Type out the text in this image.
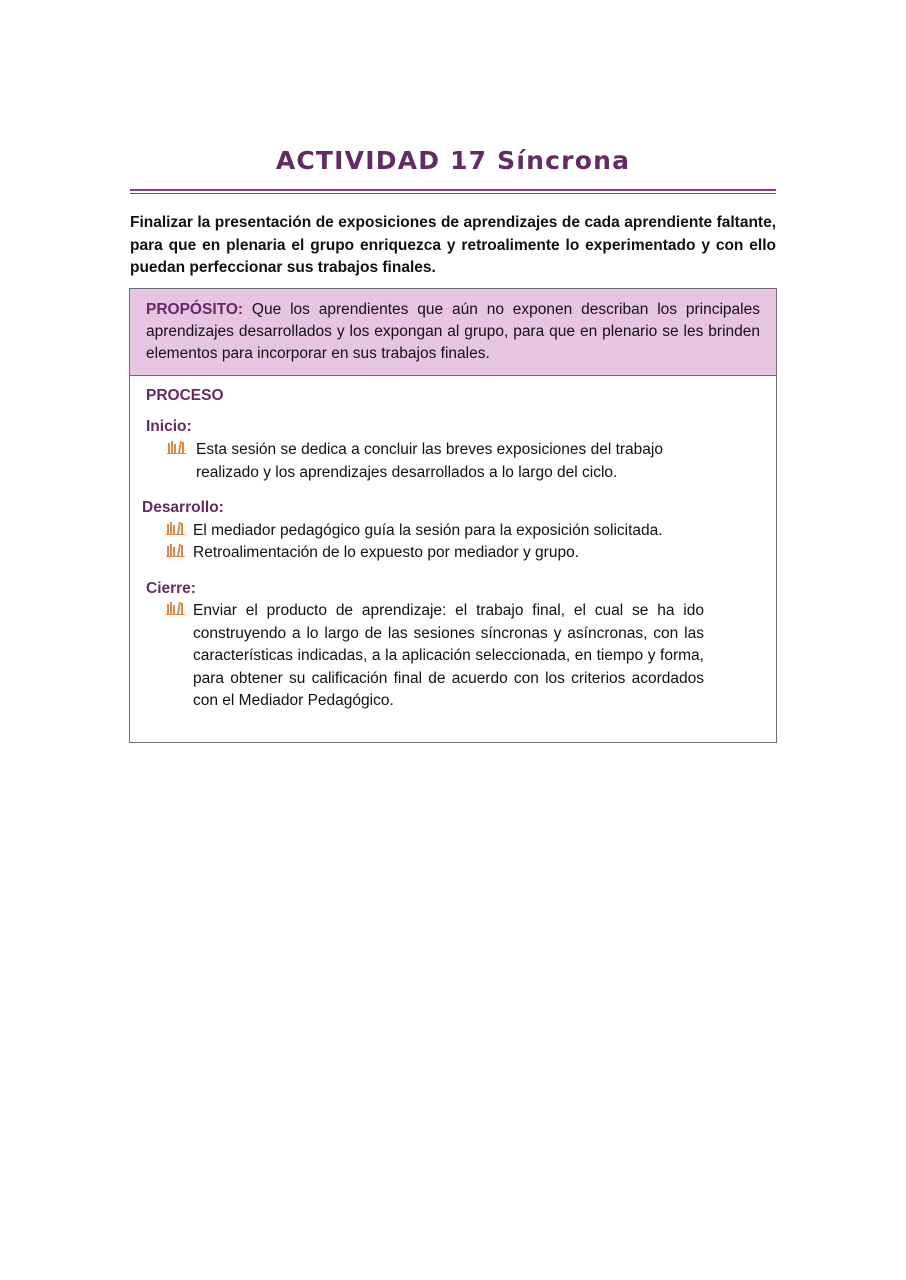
ACTIVIDAD 17 Síncrona

Finalizar la presentación de exposiciones de aprendizajes de cada aprendiente faltante, para que en plenaria el grupo enriquezca y retroalimente lo experimentado y con ello puedan perfeccionar sus trabajos finales.

PROPÓSITO: Que los aprendientes que aún no exponen describan los principales aprendizajes desarrollados y los expongan al grupo, para que en plenario se les brinden elementos para incorporar en sus trabajos finales.

PROCESO

Inicio:

Esta sesión se dedica a concluir las breves exposiciones del trabajo realizado y los aprendizajes desarrollados a lo largo del ciclo.

Desarrollo:

El mediador pedagógico guía la sesión para la exposición solicitada.
Retroalimentación de lo expuesto por mediador y grupo.

Cierre:

Enviar el producto de aprendizaje: el trabajo final, el cual se ha ido construyendo a lo largo de las sesiones síncronas y asíncronas, con las características indicadas, a la aplicación seleccionada, en tiempo y forma, para obtener su calificación final de acuerdo con los criterios acordados con el Mediador Pedagógico.
